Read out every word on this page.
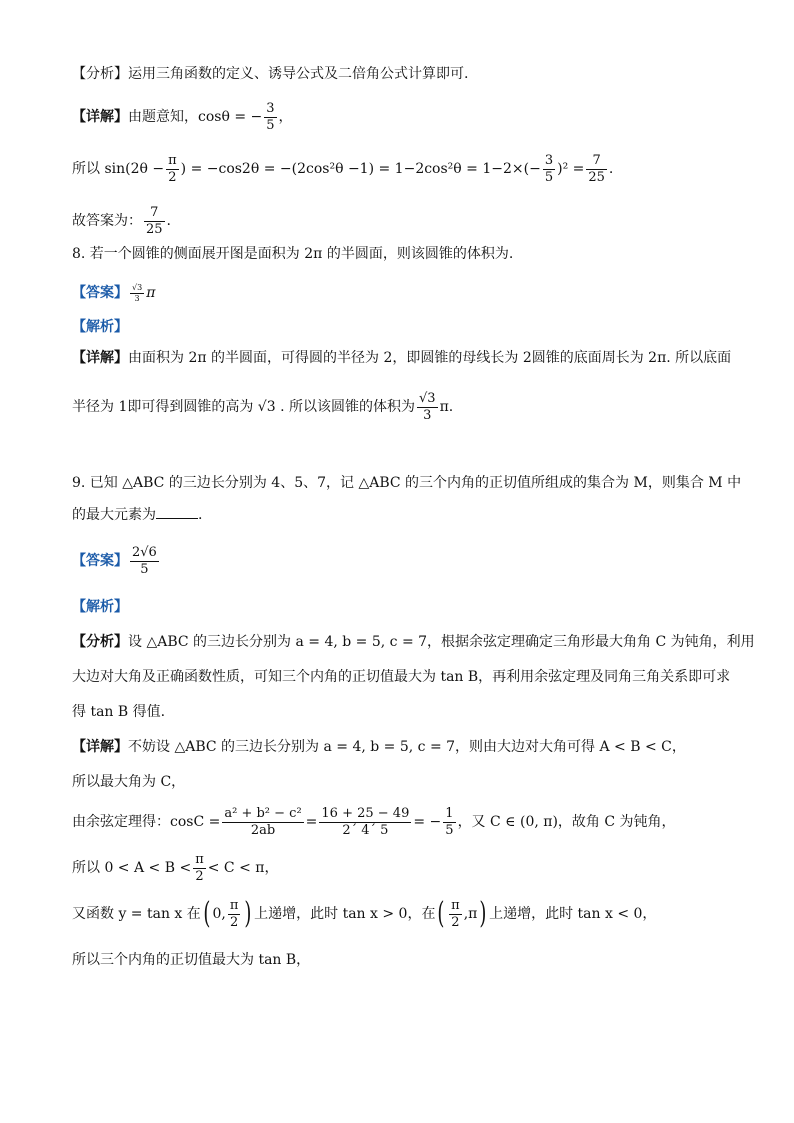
【分析】运用三角函数的定义、诱导公式及二倍角公式计算即可.
【详解】由题意知，cosθ = − $\frac{3}{5}$ ，
所以 $\sin(2\theta - \frac{\pi}{2}$ ) = $-\cos 2\theta = -(2\cos^2\theta -1) = 1-2\cos^2\theta = 1-2\times(- \frac{3}{5} )^2 = \frac{7}{25}$ .
故答案为： $\frac{7}{25}$ .
8. 若一个圆锥的侧面展开图是面积为 2π 的半圆面，则该圆锥的体积为.
【答案】 $\frac{√3}{3}$ π
【解析】
【详解】由面积为 2π 的半圆面，可得圆的半径为 2，即圆锥的母线长为 2圆锥的底面周长为 2π. 所以底面
半径为 1即可得到圆锥的高为 √3 . 所以该圆锥的体积为 $\frac{√3}{3} \pi$.
9. 已知 △ABC 的三边长分别为 4、5、7，记 △ABC 的三个内角的正切值所组成的集合为 M，则集合 M 中
的最大元素为	.
【答案】 $\frac{2√6}{5}$
【解析】
【分析】设 △ABC 的三边长分别为 a = 4, b = 5, c = 7，根据余弦定理确定三角形最大角角 C 为钝角，利用
大边对大角及正确函数性质，可知三个内角的正切值最大为 tan B，再利用余弦定理及同角三角关系即可求
得 tan B 得值.
【详解】不妨设 △ABC 的三边长分别为 a = 4, b = 5, c = 7，则由大边对大角可得 A < B < C，
所以最大角为 C，
由余弦定理得：$\cos C = \frac{\text{a² + b² − c²}}{2ab} = \frac{16 + 25 - 49}{2´ 4´ 5}$ = − $\frac{1}{5}$ ，又 C ∈ (0, π)，故角 C 为钝角，
所以 $0 < A < B < \frac{\pi}{2} < C < \pi$，
又函数 y = tan x 在( 0, $\frac{\pi}{2}$ ) 上递增，此时 tan x > 0，在( $\frac{\pi}{2} ,\pi$) 上递增，此时 tan x < 0，
所以三个内角的正切值最大为 tan B，
